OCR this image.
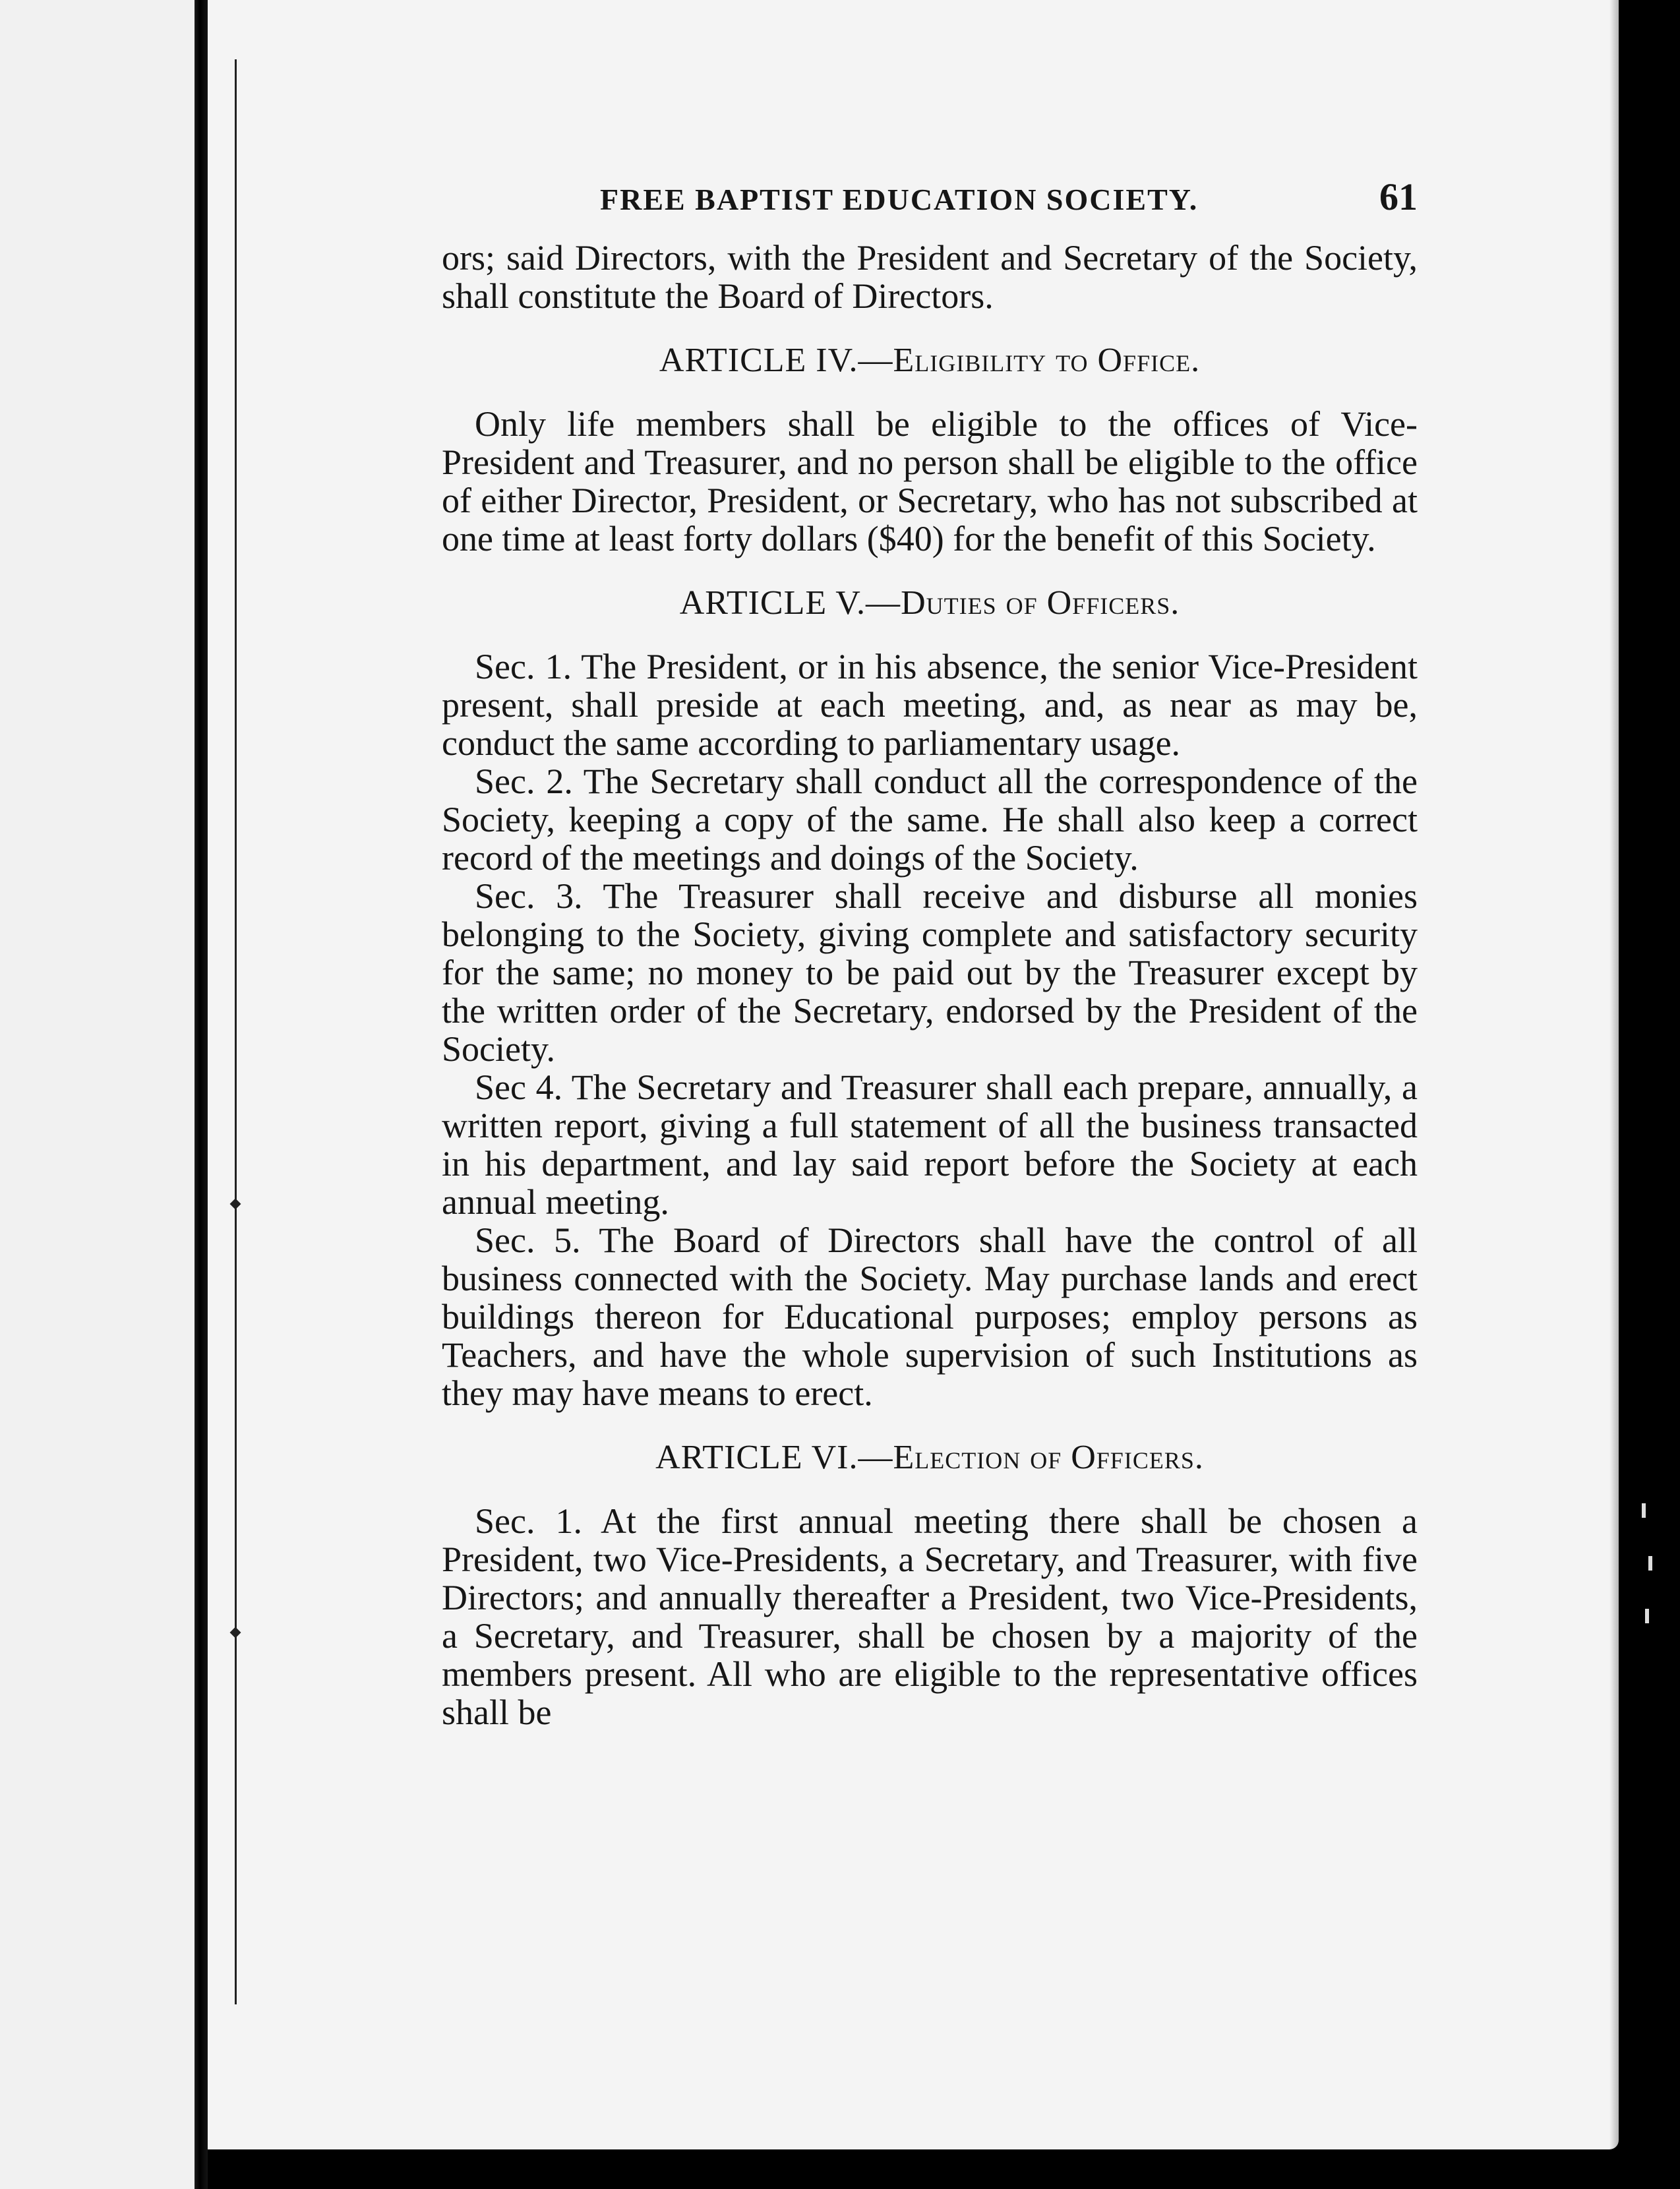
FREE BAPTIST EDUCATION SOCIETY.	61

ors; said Directors, with the President and Secretary of the Society, shall constitute the Board of Directors.

ARTICLE IV.—Eligibility to Office.

Only life members shall be eligible to the offices of Vice-President and Treasurer, and no person shall be eligible to the office of either Director, President, or Secretary, who has not subscribed at one time at least forty dollars ($40) for the benefit of this Society.

ARTICLE V.—Duties of Officers.

Sec. 1. The President, or in his absence, the senior Vice-President present, shall preside at each meeting, and, as near as may be, conduct the same according to parliamentary usage.

Sec. 2. The Secretary shall conduct all the correspondence of the Society, keeping a copy of the same. He shall also keep a correct record of the meetings and doings of the Society.

Sec. 3. The Treasurer shall receive and disburse all monies belonging to the Society, giving complete and satisfactory security for the same; no money to be paid out by the Treasurer except by the written order of the Secretary, endorsed by the President of the Society.

Sec 4. The Secretary and Treasurer shall each prepare, annually, a written report, giving a full statement of all the business transacted in his department, and lay said report before the Society at each annual meeting.

Sec. 5. The Board of Directors shall have the control of all business connected with the Society. May purchase lands and erect buildings thereon for Educational purposes; employ persons as Teachers, and have the whole supervision of such Institutions as they may have means to erect.

ARTICLE VI.—Election of Officers.

Sec. 1. At the first annual meeting there shall be chosen a President, two Vice-Presidents, a Secretary, and Treasurer, with five Directors; and annually thereafter a President, two Vice-Presidents, a Secretary, and Treasurer, shall be chosen by a majority of the members present. All who are eligible to the representative offices shall be
